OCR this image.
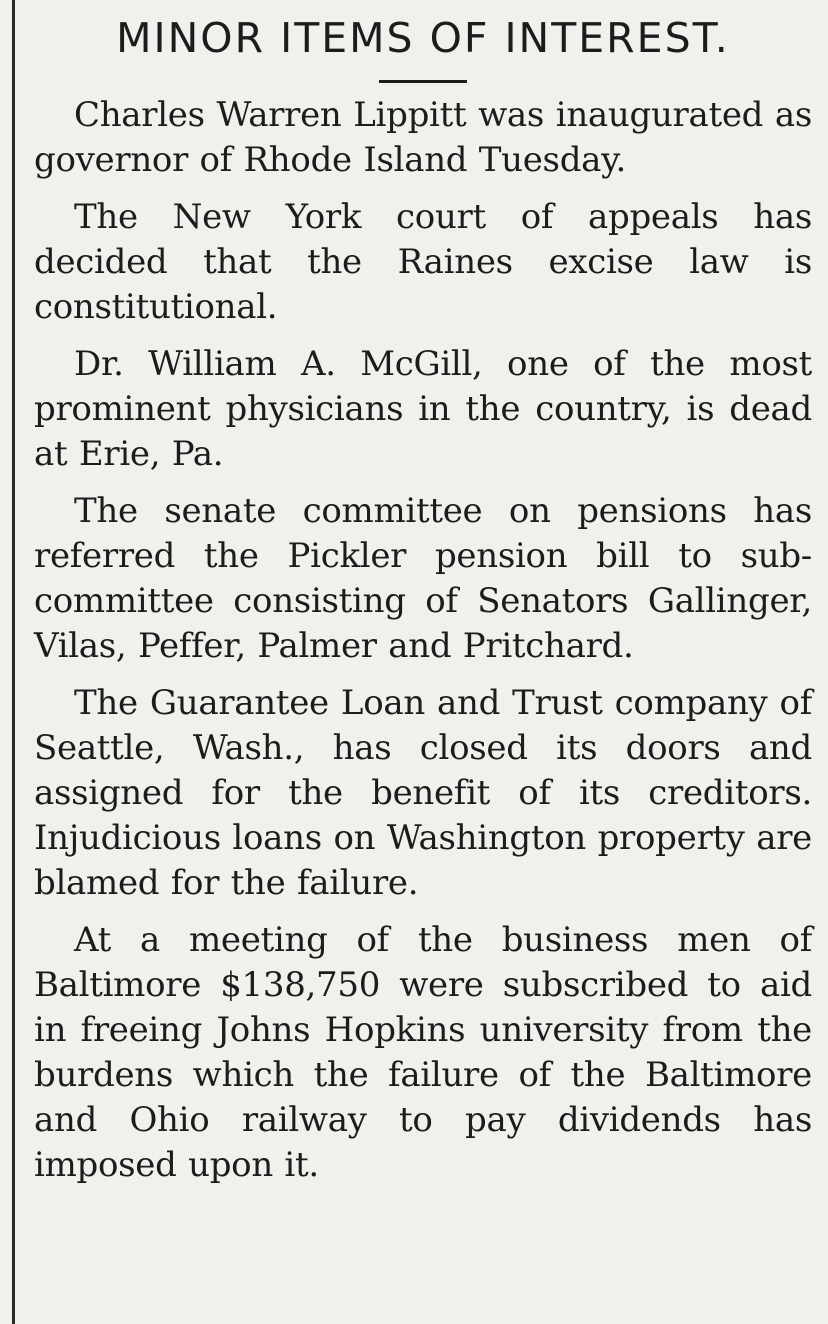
MINOR ITEMS OF INTEREST.

Charles Warren Lippitt was inaugurated as governor of Rhode Island Tuesday.

The New York court of appeals has decided that the Raines excise law is constitutional.

Dr. William A. McGill, one of the most prominent physicians in the country, is dead at Erie, Pa.

The senate committee on pensions has referred the Pickler pension bill to sub-committee consisting of Senators Gallinger, Vilas, Peffer, Palmer and Pritchard.

The Guarantee Loan and Trust company of Seattle, Wash., has closed its doors and assigned for the benefit of its creditors. Injudicious loans on Washington property are blamed for the failure.

At a meeting of the business men of Baltimore $138,750 were subscribed to aid in freeing Johns Hopkins university from the burdens which the failure of the Baltimore and Ohio railway to pay dividends has imposed upon it.
